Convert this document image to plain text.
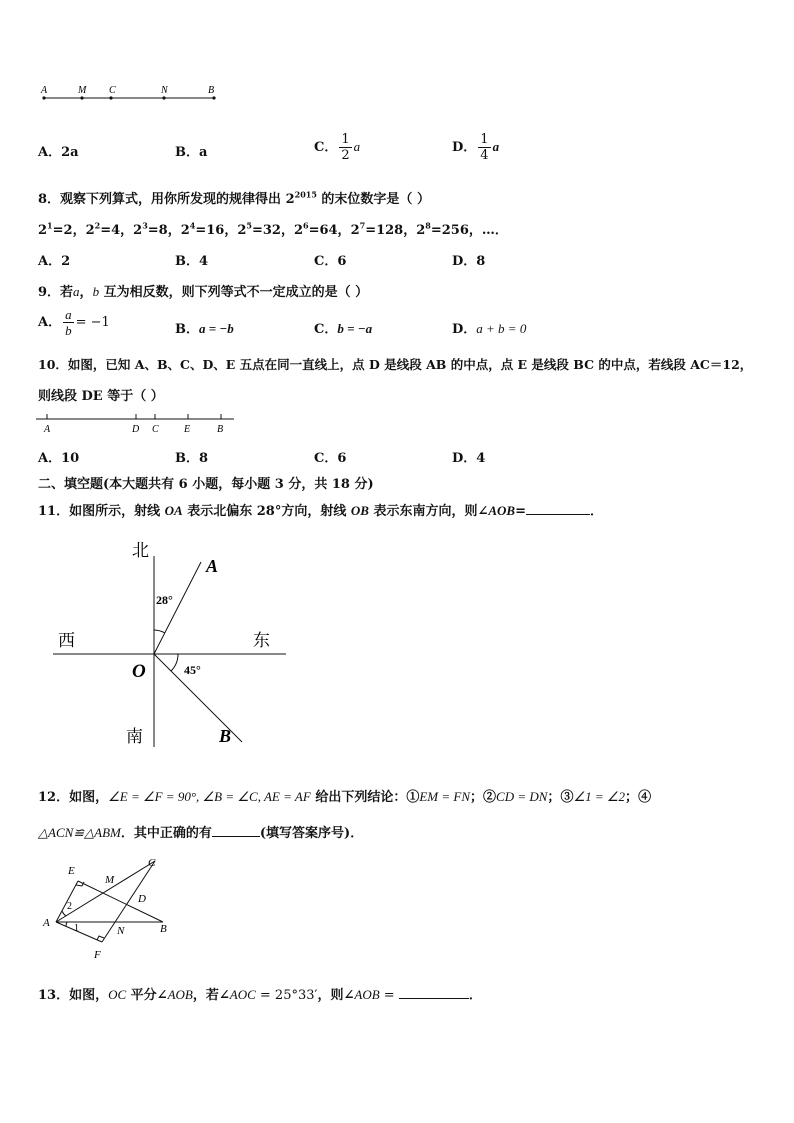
A	M C	N	B
A．2a	B．a	C． $\frac{1}{2}$ a	D． $\frac{1}{4}$ a
8．观察下列算式，用你所发现的规律得出 $2^{2015}$ 的末位数字是（ ）
$2^1=2$，$2^2=4$，$2^3=8$，$2^4=16$，$2^5=32$，$2^6=64$，$2^7=128$，$2^8=256$，…．
A．2	B．4	C．6	D．8
9．若a，b 互为相反数，则下列等式不一定成立的是（ ）
A． $\frac{a}{b} = -1$	B．a = −b	C．b = −a	D．a + b = 0
10．如图，已知 A、B、C、D、E 五点在同一直线上，点 D 是线段 AB 的中点，点 E 是线段 BC 的中点，若线段 AC＝12，
则线段 DE 等于（ ）
A	D C	E	B
A．10	B．8	C．6	D．4
二、填空题(本大题共有 6 小题，每小题 3 分，共 18 分)
11．如图所示，射线 OA 表示北偏东 28°方向，射线 OB 表示东南方向，则∠AOB=	．
北
南
西	东
O
A
B
28°
45°
12．如图，∠E = ∠F = 90°, ∠B = ∠C, AE = AF 给出下列结论：①EM = FN；②CD = DN；③∠1 = ∠2；④
△ACN≌△ABM．其中正确的有	(填写答案序号)．
E
M
C
D
A
2
1	N	B
F
13．如图，OC 平分∠AOB，若∠AOC = 25°33′，则∠AOB =	．
